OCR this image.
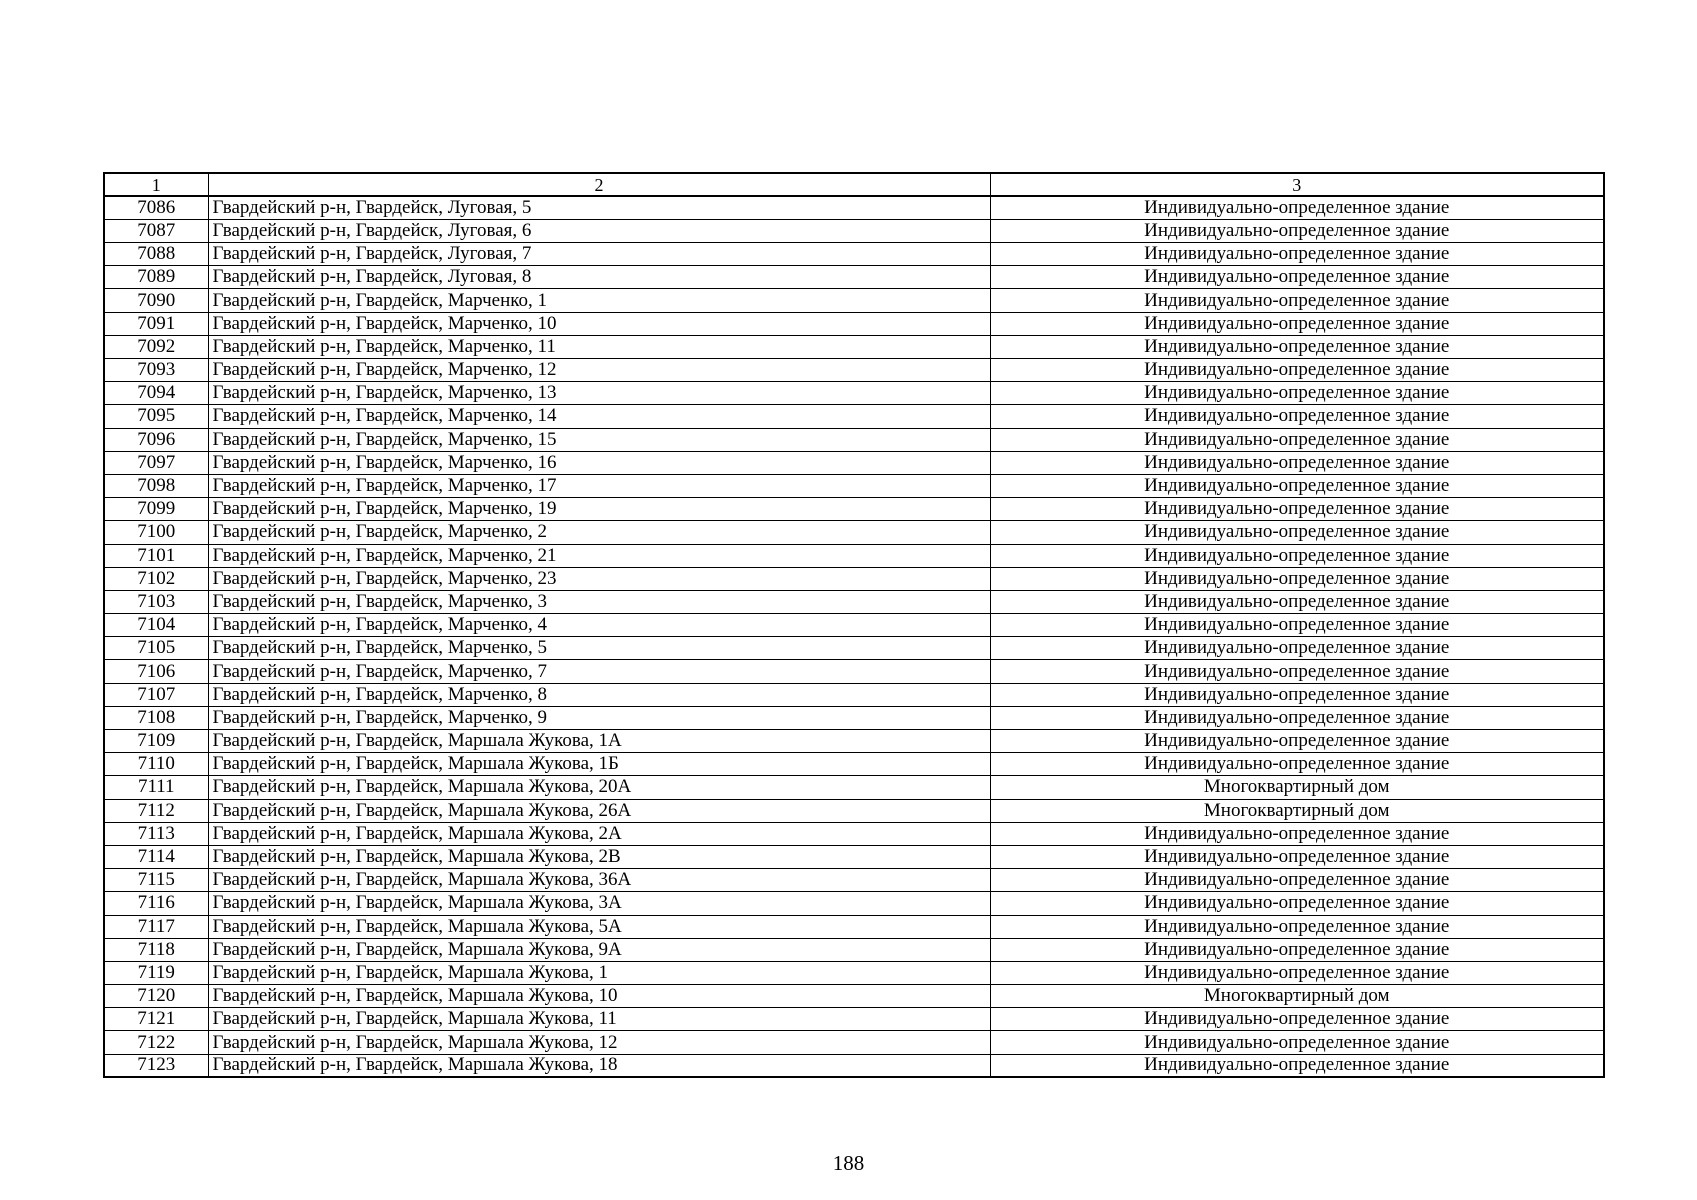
1	2	3
7086	Гвардейский р-н, Гвардейск, Луговая, 5	Индивидуально-определенное здание
7087	Гвардейский р-н, Гвардейск, Луговая, 6	Индивидуально-определенное здание
7088	Гвардейский р-н, Гвардейск, Луговая, 7	Индивидуально-определенное здание
7089	Гвардейский р-н, Гвардейск, Луговая, 8	Индивидуально-определенное здание
7090	Гвардейский р-н, Гвардейск, Марченко, 1	Индивидуально-определенное здание
7091	Гвардейский р-н, Гвардейск, Марченко, 10	Индивидуально-определенное здание
7092	Гвардейский р-н, Гвардейск, Марченко, 11	Индивидуально-определенное здание
7093	Гвардейский р-н, Гвардейск, Марченко, 12	Индивидуально-определенное здание
7094	Гвардейский р-н, Гвардейск, Марченко, 13	Индивидуально-определенное здание
7095	Гвардейский р-н, Гвардейск, Марченко, 14	Индивидуально-определенное здание
7096	Гвардейский р-н, Гвардейск, Марченко, 15	Индивидуально-определенное здание
7097	Гвардейский р-н, Гвардейск, Марченко, 16	Индивидуально-определенное здание
7098	Гвардейский р-н, Гвардейск, Марченко, 17	Индивидуально-определенное здание
7099	Гвардейский р-н, Гвардейск, Марченко, 19	Индивидуально-определенное здание
7100	Гвардейский р-н, Гвардейск, Марченко, 2	Индивидуально-определенное здание
7101	Гвардейский р-н, Гвардейск, Марченко, 21	Индивидуально-определенное здание
7102	Гвардейский р-н, Гвардейск, Марченко, 23	Индивидуально-определенное здание
7103	Гвардейский р-н, Гвардейск, Марченко, 3	Индивидуально-определенное здание
7104	Гвардейский р-н, Гвардейск, Марченко, 4	Индивидуально-определенное здание
7105	Гвардейский р-н, Гвардейск, Марченко, 5	Индивидуально-определенное здание
7106	Гвардейский р-н, Гвардейск, Марченко, 7	Индивидуально-определенное здание
7107	Гвардейский р-н, Гвардейск, Марченко, 8	Индивидуально-определенное здание
7108	Гвардейский р-н, Гвардейск, Марченко, 9	Индивидуально-определенное здание
7109	Гвардейский р-н, Гвардейск, Маршала Жукова, 1А	Индивидуально-определенное здание
7110	Гвардейский р-н, Гвардейск, Маршала Жукова, 1Б	Индивидуально-определенное здание
7111	Гвардейский р-н, Гвардейск, Маршала Жукова, 20А	Многоквартирный дом
7112	Гвардейский р-н, Гвардейск, Маршала Жукова, 26А	Многоквартирный дом
7113	Гвардейский р-н, Гвардейск, Маршала Жукова, 2А	Индивидуально-определенное здание
7114	Гвардейский р-н, Гвардейск, Маршала Жукова, 2В	Индивидуально-определенное здание
7115	Гвардейский р-н, Гвардейск, Маршала Жукова, 36А	Индивидуально-определенное здание
7116	Гвардейский р-н, Гвардейск, Маршала Жукова, 3А	Индивидуально-определенное здание
7117	Гвардейский р-н, Гвардейск, Маршала Жукова, 5А	Индивидуально-определенное здание
7118	Гвардейский р-н, Гвардейск, Маршала Жукова, 9А	Индивидуально-определенное здание
7119	Гвардейский р-н, Гвардейск, Маршала Жукова, 1	Индивидуально-определенное здание
7120	Гвардейский р-н, Гвардейск, Маршала Жукова, 10	Многоквартирный дом
7121	Гвардейский р-н, Гвардейск, Маршала Жукова, 11	Индивидуально-определенное здание
7122	Гвардейский р-н, Гвардейск, Маршала Жукова, 12	Индивидуально-определенное здание
7123	Гвардейский р-н, Гвардейск, Маршала Жукова, 18	Индивидуально-определенное здание
188
